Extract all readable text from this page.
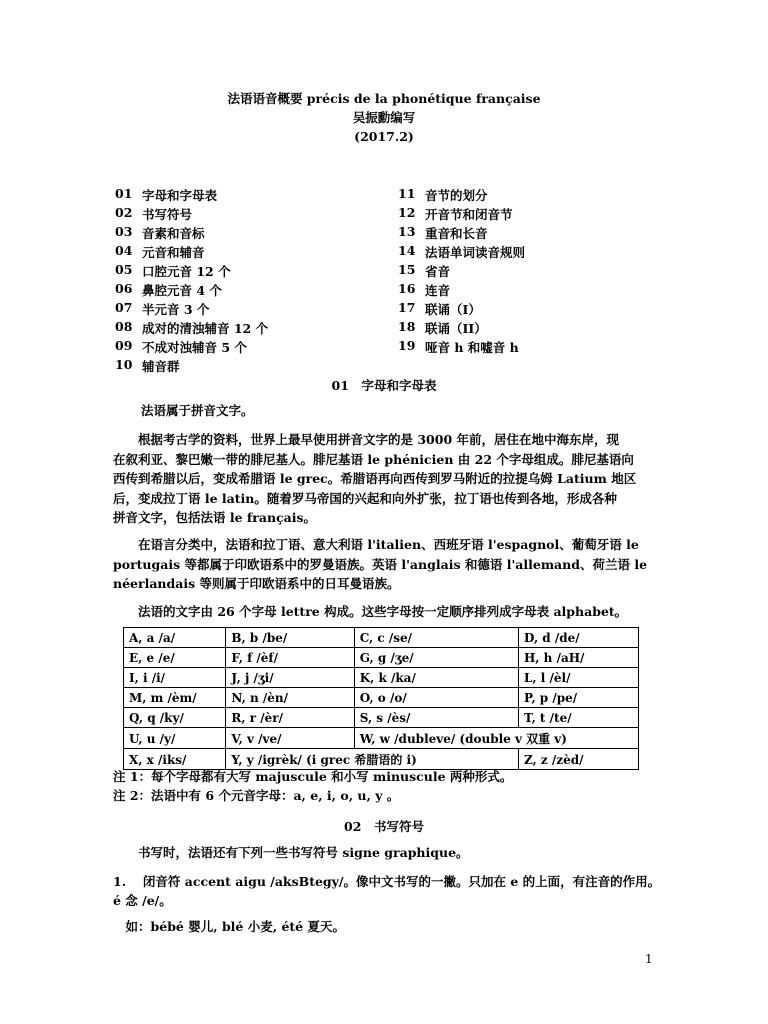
法语语音概要 précis de la phonétique française
吴振勳编写
(2017.2)
01 字母和字母表
02 书写符号
03 音素和音标
04 元音和辅音
05 口腔元音 12 个
06 鼻腔元音 4 个
07 半元音 3 个
08 成对的清浊辅音 12 个
09 不成对浊辅音 5 个
10 辅音群
11 音节的划分
12 开音节和闭音节
13 重音和长音
14 法语单词读音规则
15 省音
16 连音
17 联诵（I）
18 联诵（II）
19 哑音 h 和嘘音 h
01　字母和字母表

法语属于拼音文字。

　　根据考古学的资料，世界上最早使用拼音文字的是 3000 年前，居住在地中海东岸，现

在叙利亚、黎巴嫩一带的腓尼基人。腓尼基语 le phénicien 由 22 个字母组成。腓尼基语向

西传到希腊以后，变成希腊语 le grec。希腊语再向西传到罗马附近的拉提乌姆 Latium 地区

后，变成拉丁语 le latin。随着罗马帝国的兴起和向外扩张，拉丁语也传到各地，形成各种

拼音文字，包括法语 le français。

　　在语言分类中，法语和拉丁语、意大利语 l'italien、西班牙语 l'espagnol、葡萄牙语 le

portugais 等都属于印欧语系中的罗曼语族。英语 l'anglais 和德语 l'allemand、荷兰语 le

néerlandais 等则属于印欧语系中的日耳曼语族。

　　法语的文字由 26 个字母 lettre 构成。这些字母按一定顺序排列成字母表 alphabet。

A, a /a/	B, b /be/	C, c /se/	D, d /de/
E, e /e/	F, f /èf/	G, g /ʒe/	H, h /aH/
I, i /i/	J, j /ʒi/	K, k /ka/	L, l /èl/
M, m /èm/	N, n /èn/	O, o /o/	P, p /pe/
Q, q /ky/	R, r /èr/	S, s /ès/	T, t /te/
U, u /y/	V, v /ve/	W, w /dubleve/ (double v 双重 v)	
X, x /iks/	Y, y /igrèk/ (i grec 希腊语的 i)		Z, z /zèd/
注 1：每个字母都有大写 majuscule 和小写 minuscule 两种形式。
注 2：法语中有 6 个元音字母：a, e, i, o, u, y 。
02　书写符号
　　书写时，法语还有下列一些书写符号 signe graphique。
1.　 闭音符 accent aigu /aksBtegy/。像中文书写的一撇。只加在 e 的上面，有注音的作用。
é 念 /e/。
　如：bébé 婴儿, blé 小麦, été 夏天。
1
